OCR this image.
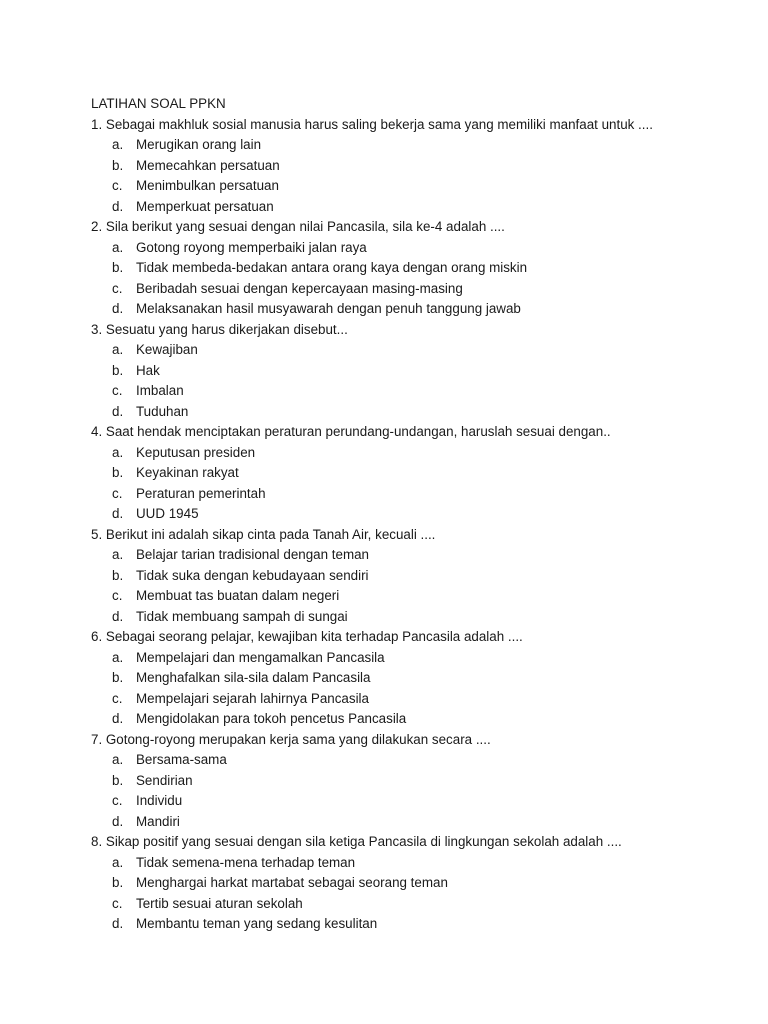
LATIHAN SOAL PPKN
1. Sebagai makhluk sosial manusia harus saling bekerja sama yang memiliki manfaat untuk ....
a. Merugikan orang lain
b. Memecahkan persatuan
c. Menimbulkan persatuan
d. Memperkuat persatuan
2. Sila berikut yang sesuai dengan nilai Pancasila, sila ke-4 adalah ....
a. Gotong royong memperbaiki jalan raya
b. Tidak membeda-bedakan antara orang kaya dengan orang miskin
c. Beribadah sesuai dengan kepercayaan masing-masing
d. Melaksanakan hasil musyawarah dengan penuh tanggung jawab
3. Sesuatu yang harus dikerjakan disebut...
a. Kewajiban
b. Hak
c. Imbalan
d. Tuduhan
4. Saat hendak menciptakan peraturan perundang-undangan, haruslah sesuai dengan..
a. Keputusan presiden
b. Keyakinan rakyat
c. Peraturan pemerintah
d. UUD 1945
5. Berikut ini adalah sikap cinta pada Tanah Air, kecuali ....
a. Belajar tarian tradisional dengan teman
b. Tidak suka dengan kebudayaan sendiri
c. Membuat tas buatan dalam negeri
d. Tidak membuang sampah di sungai
6. Sebagai seorang pelajar, kewajiban kita terhadap Pancasila adalah ....
a. Mempelajari dan mengamalkan Pancasila
b. Menghafalkan sila-sila dalam Pancasila
c. Mempelajari sejarah lahirnya Pancasila
d. Mengidolakan para tokoh pencetus Pancasila
7. Gotong-royong merupakan kerja sama yang dilakukan secara ....
a. Bersama-sama
b. Sendirian
c. Individu
d. Mandiri
8. Sikap positif yang sesuai dengan sila ketiga Pancasila di lingkungan sekolah adalah ....
a. Tidak semena-mena terhadap teman
b. Menghargai harkat martabat sebagai seorang teman
c. Tertib sesuai aturan sekolah
d. Membantu teman yang sedang kesulitan
